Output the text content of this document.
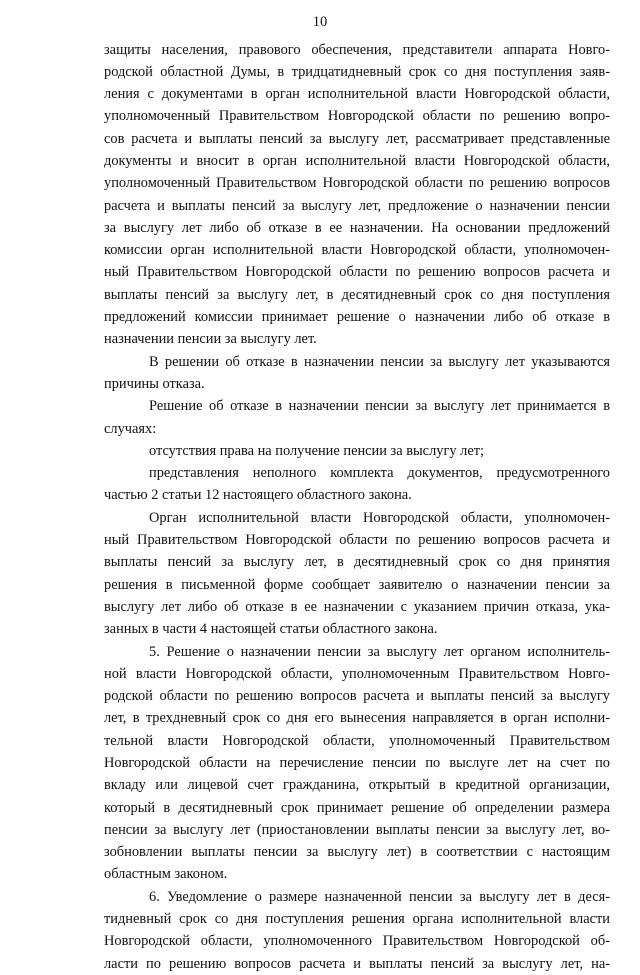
10
защиты населения, правового обеспечения, представители аппарата Новго-
родской областной Думы, в тридцатидневный срок со дня поступления заяв-
ления с документами в орган исполнительной власти Новгородской области,
уполномоченный Правительством Новгородской области по решению вопро-
сов расчета и выплаты пенсий за выслугу лет, рассматривает представленные
документы и вносит в орган исполнительной власти Новгородской области,
уполномоченный Правительством Новгородской области по решению вопросов
расчета и выплаты пенсий за выслугу лет, предложение о назначении пенсии
за выслугу лет либо об отказе в ее назначении. На основании предложений
комиссии орган исполнительной власти Новгородской области, уполномочен-
ный Правительством Новгородской области по решению вопросов расчета и
выплаты пенсий за выслугу лет, в десятидневный срок со дня поступления
предложений комиссии принимает решение о назначении либо об отказе в
назначении пенсии за выслугу лет.
В решении об отказе в назначении пенсии за выслугу лет указываются
причины отказа.
Решение об отказе в назначении пенсии за выслугу лет принимается в
случаях:
отсутствия права на получение пенсии за выслугу лет;
представления неполного комплекта документов, предусмотренного
частью 2 статьи 12 настоящего областного закона.
Орган исполнительной власти Новгородской области, уполномочен-
ный Правительством Новгородской области по решению вопросов расчета и
выплаты пенсий за выслугу лет, в десятидневный срок со дня принятия
решения в письменной форме сообщает заявителю о назначении пенсии за
выслугу лет либо об отказе в ее назначении с указанием причин отказа, ука-
занных в части 4 настоящей статьи областного закона.
5. Решение о назначении пенсии за выслугу лет органом исполнитель-
ной власти Новгородской области, уполномоченным Правительством Новго-
родской области по решению вопросов расчета и выплаты пенсий за выслугу
лет, в трехдневный срок со дня его вынесения направляется в орган исполни-
тельной власти Новгородской области, уполномоченный Правительством
Новгородской области на перечисление пенсии по выслуге лет на счет по
вкладу или лицевой счет гражданина, открытый в кредитной организации,
который в десятидневный срок принимает решение об определении размера
пенсии за выслугу лет (приостановлении выплаты пенсии за выслугу лет, во-
зобновлении выплаты пенсии за выслугу лет) в соответствии с настоящим
областным законом.
6. Уведомление о размере назначенной пенсии за выслугу лет в деся-
тидневный срок со дня поступления решения органа исполнительной власти
Новгородской области, уполномоченного Правительством Новгородской об-
ласти по решению вопросов расчета и выплаты пенсий за выслугу лет, на-
